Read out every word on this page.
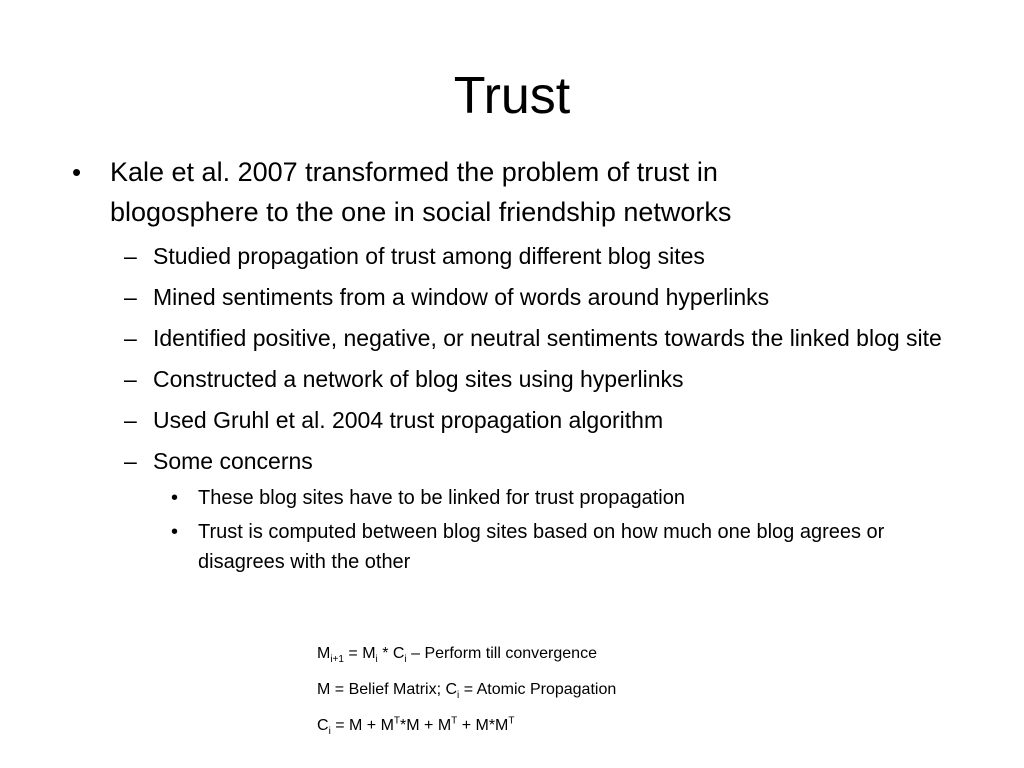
Trust

• Kale et al. 2007 transformed the problem of trust in blogosphere to the one in social friendship networks

– Studied propagation of trust among different blog sites

– Mined sentiments from a window of words around hyperlinks

– Identified positive, negative, or neutral sentiments towards the linked blog site

– Constructed a network of blog sites using hyperlinks

– Used Gruhl et al. 2004 trust propagation algorithm

– Some concerns

• These blog sites have to be linked for trust propagation

• Trust is computed between blog sites based on how much one blog agrees or disagrees with the other

$M_{i+1} = M_i * C_i$ – Perform till convergence

M = Belief Matrix; $C_i$ = Atomic Propagation

$C_i = M + M^T*M + M^T + M*M^T$
